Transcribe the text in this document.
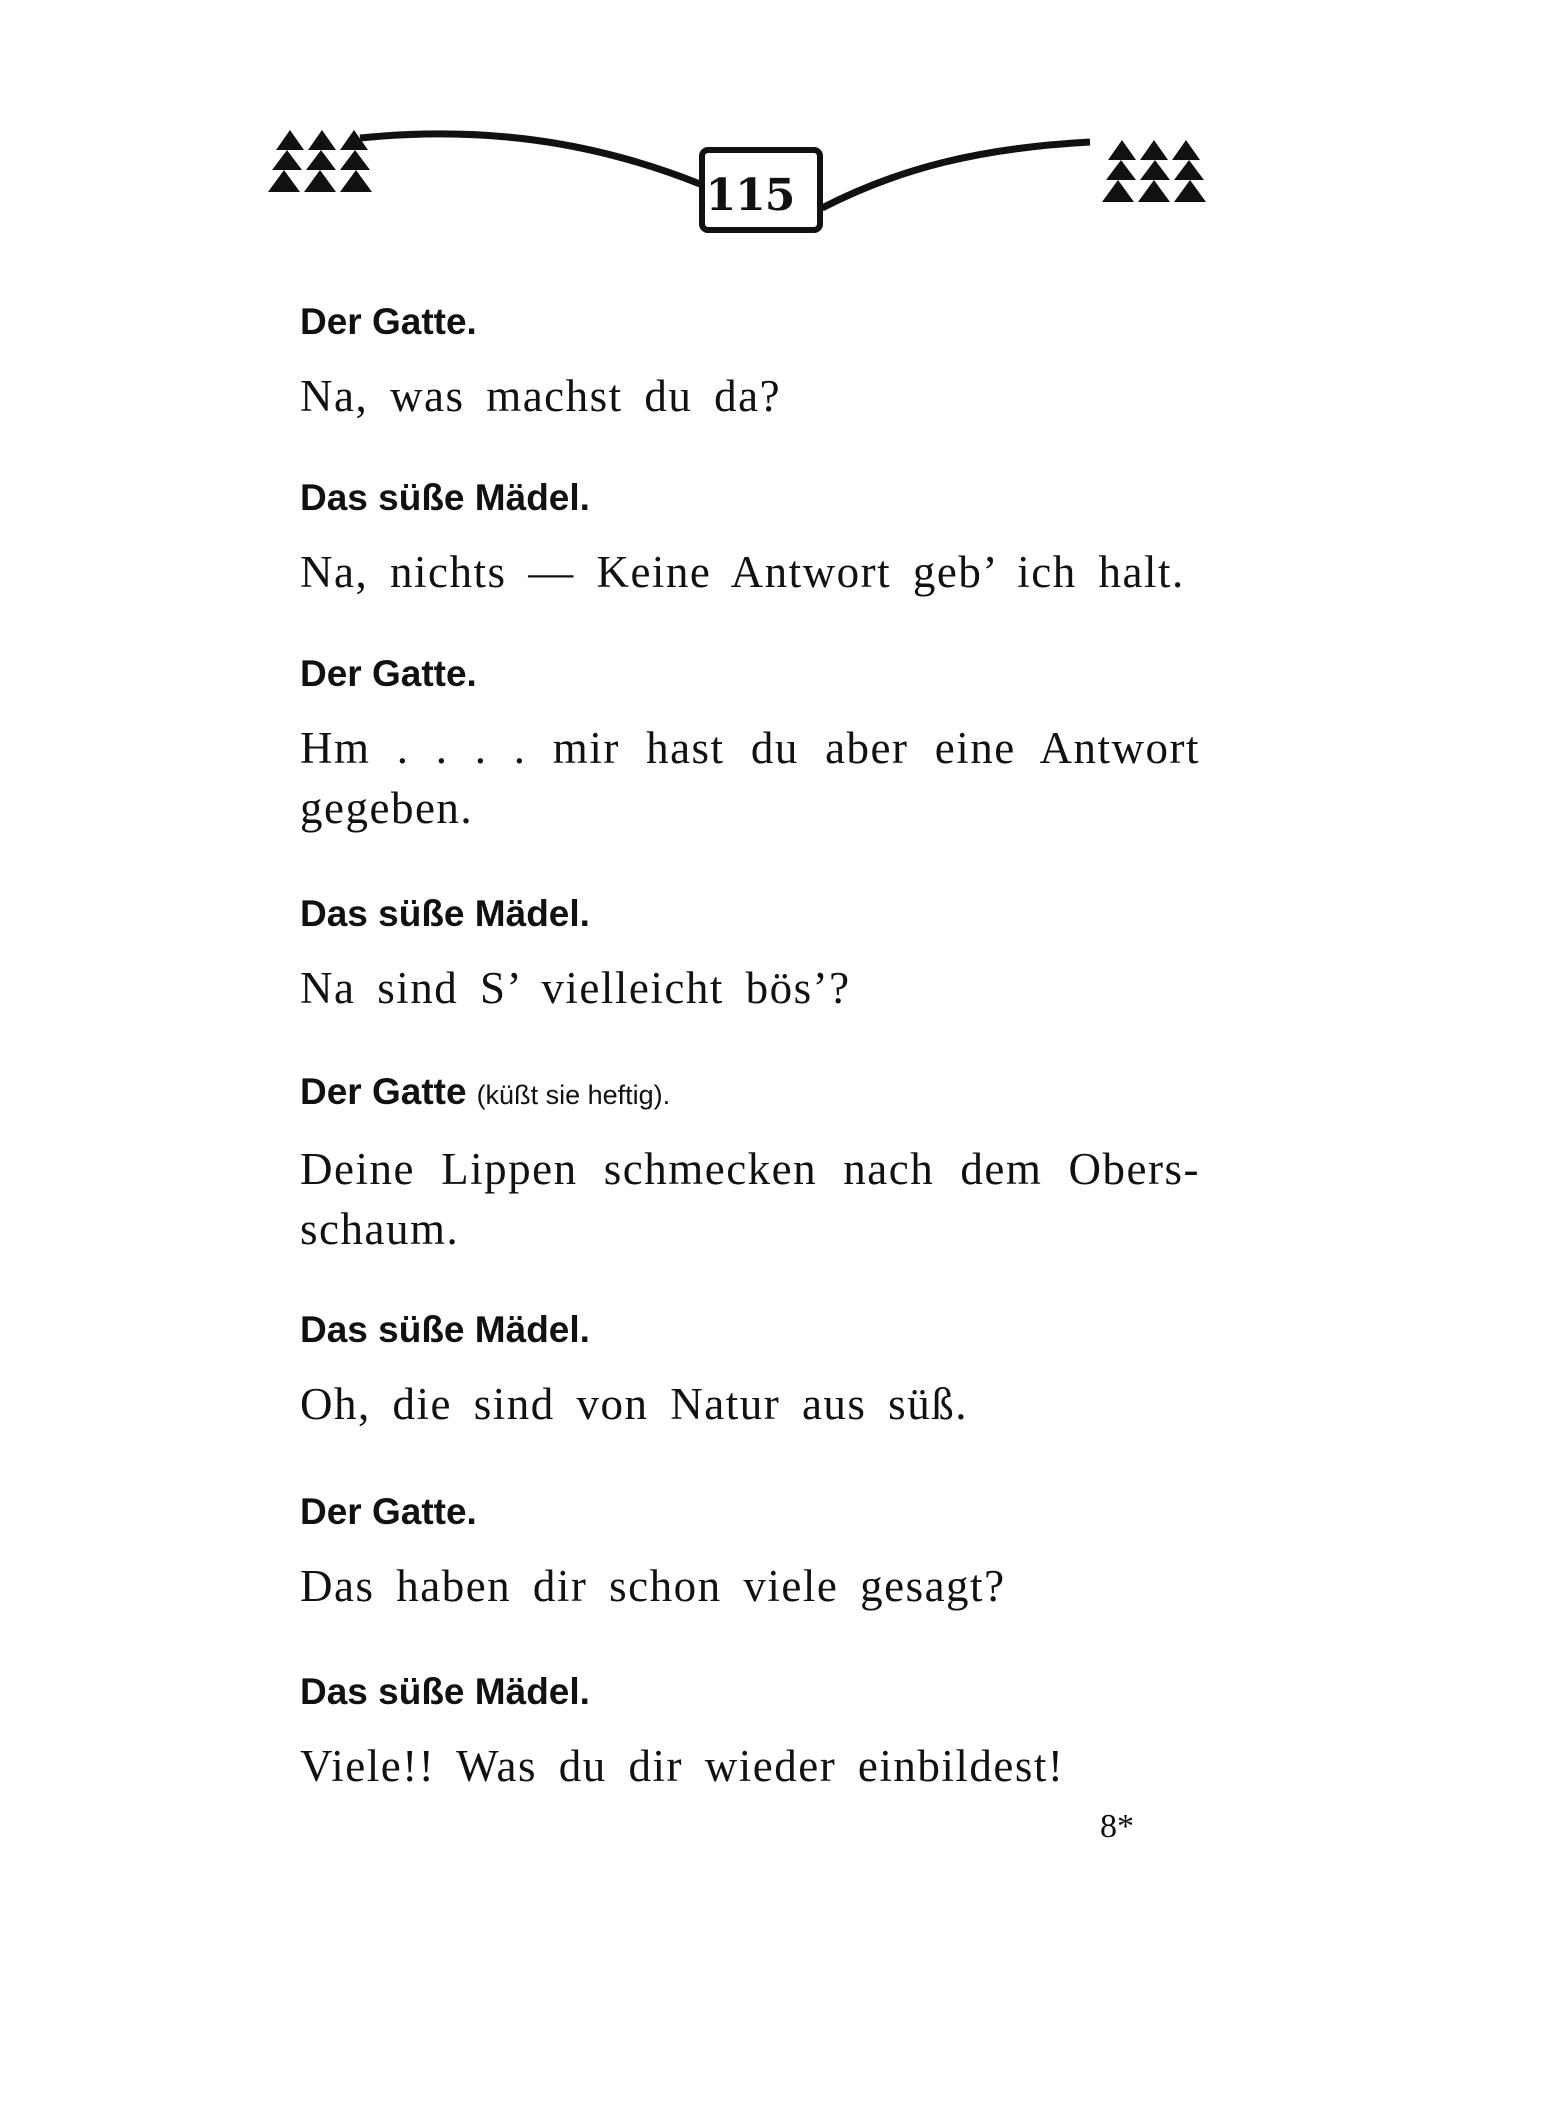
115
Der Gatte.
Na, was machst du da?
Das süße Mädel.
Na, nichts — Keine Antwort geb’ ich halt.
Der Gatte.
Hm . . . . mir hast du aber eine Antwort gegeben.
Das süße Mädel.
Na sind S’ vielleicht bös’?
Der Gatte (küßt sie heftig).
Deine Lippen schmecken nach dem Obers-schaum.
Das süße Mädel.
Oh, die sind von Natur aus süß.
Der Gatte.
Das haben dir schon viele gesagt?
Das süße Mädel.
Viele!! Was du dir wieder einbildest!
8*
